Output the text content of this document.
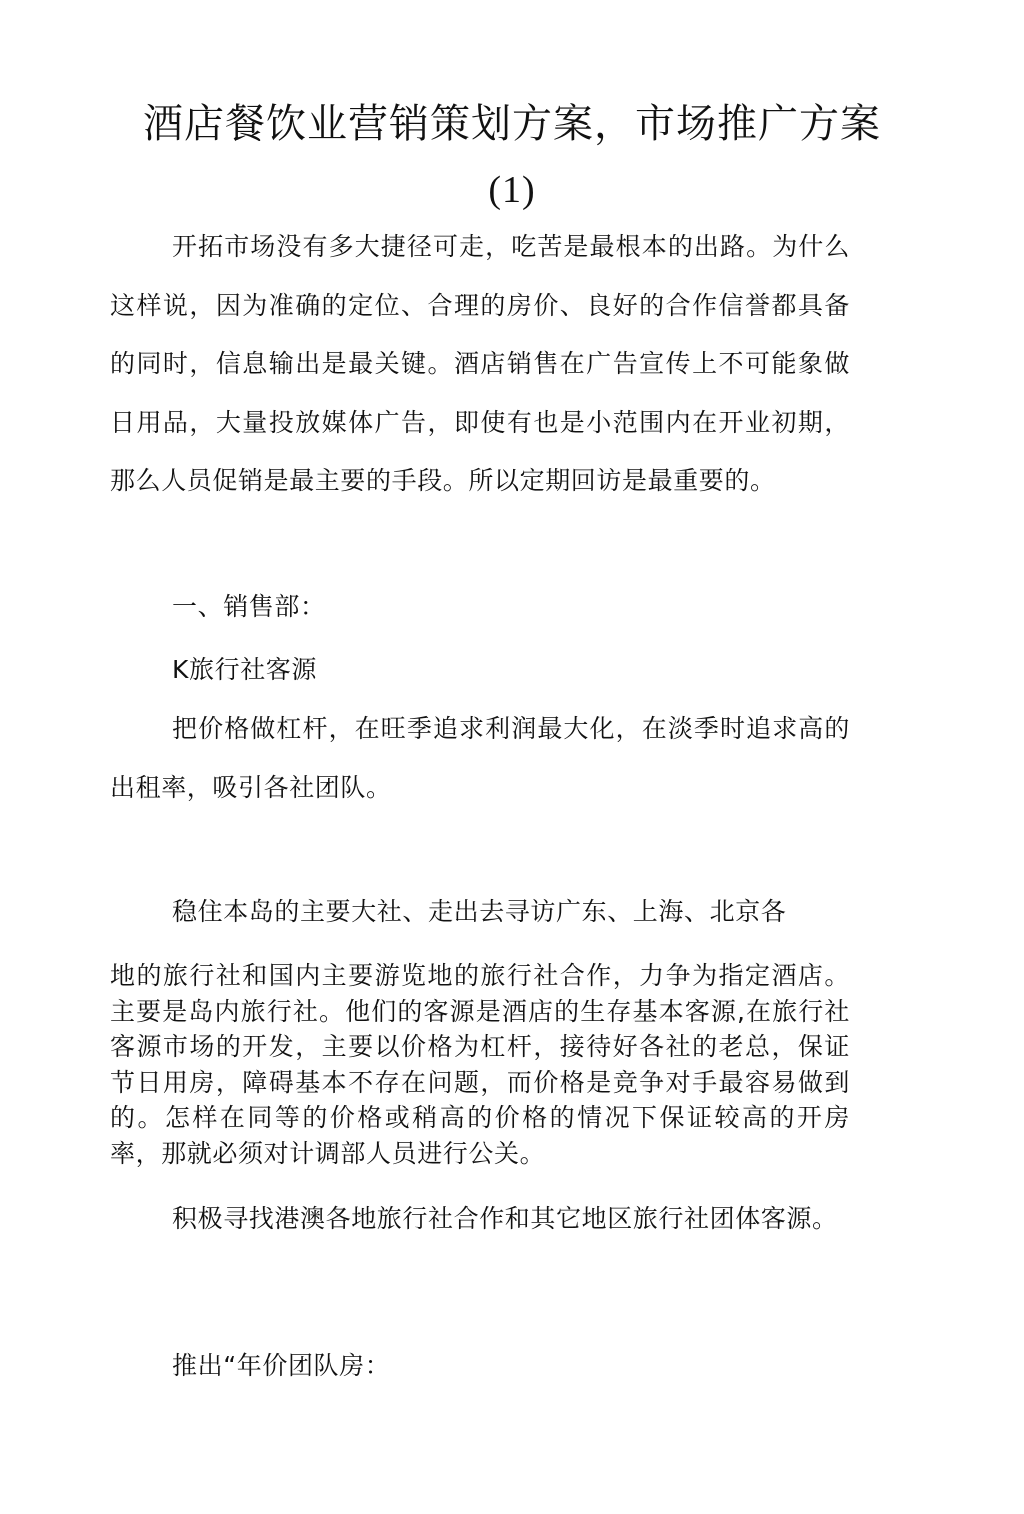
酒店餐饮业营销策划方案，市场推广方案
(1)

开拓市场没有多大捷径可走，吃苦是最根本的出路。为什么这样说，因为准确的定位、合理的房价、良好的合作信誉都具备的同时，信息输出是最关键。酒店销售在广告宣传上不可能象做日用品，大量投放媒体广告，即使有也是小范围内在开业初期，那么人员促销是最主要的手段。所以定期回访是最重要的。

一、销售部：

K旅行社客源

把价格做杠杆，在旺季追求利润最大化，在淡季时追求高的出租率，吸引各社团队。

稳住本岛的主要大社、走出去寻访广东、上海、北京各

地的旅行社和国内主要游览地的旅行社合作，力争为指定酒店。主要是岛内旅行社。他们的客源是酒店的生存基本客源,在旅行社客源市场的开发，主要以价格为杠杆，接待好各社的老总，保证节日用房，障碍基本不存在问题，而价格是竞争对手最容易做到的。怎样在同等的价格或稍高的价格的情况下保证较高的开房率，那就必须对计调部人员进行公关。

积极寻找港澳各地旅行社合作和其它地区旅行社团体客源。

推出“年价团队房：
